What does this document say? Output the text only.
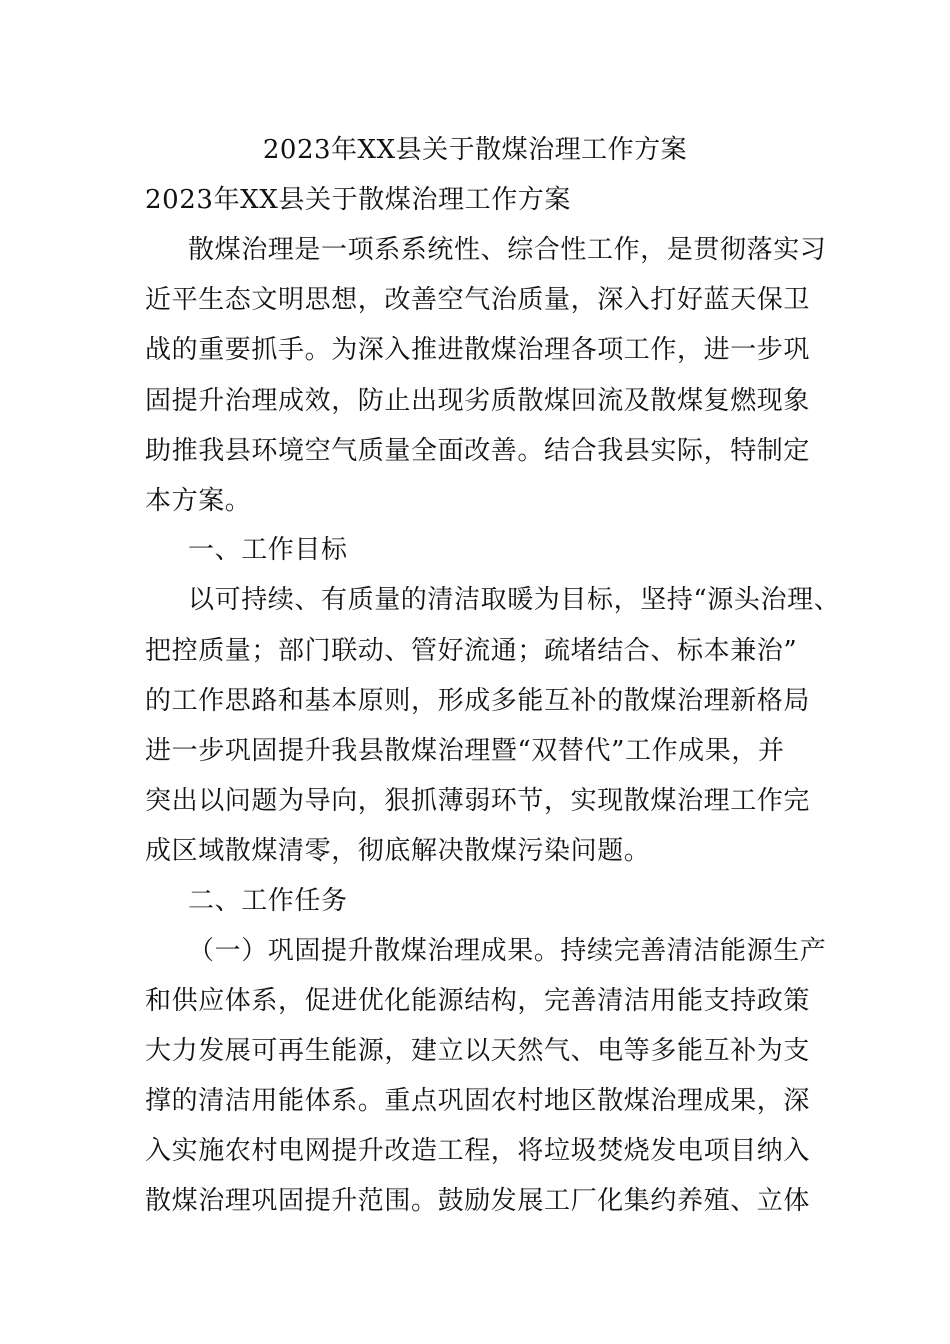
2023年XX县关于散煤治理工作方案
2023年XX县关于散煤治理工作方案
散煤治理是一项系系统性、综合性工作，是贯彻落实习
近平生态文明思想，改善空气治质量，深入打好蓝天保卫
战的重要抓手。为深入推进散煤治理各项工作，进一步巩
固提升治理成效，防止出现劣质散煤回流及散煤复燃现象
助推我县环境空气质量全面改善。结合我县实际，特制定
本方案。
一、工作目标
以可持续、有质量的清洁取暖为目标，坚持“源头治理、
把控质量；部门联动、管好流通；疏堵结合、标本兼治”
的工作思路和基本原则，形成多能互补的散煤治理新格局
进一步巩固提升我县散煤治理暨“双替代”工作成果，并
突出以问题为导向，狠抓薄弱环节，实现散煤治理工作完
成区域散煤清零，彻底解决散煤污染问题。
二、工作任务
（一）巩固提升散煤治理成果。持续完善清洁能源生产
和供应体系，促进优化能源结构，完善清洁用能支持政策
大力发展可再生能源，建立以天然气、电等多能互补为支
撑的清洁用能体系。重点巩固农村地区散煤治理成果，深
入实施农村电网提升改造工程，将垃圾焚烧发电项目纳入
散煤治理巩固提升范围。鼓励发展工厂化集约养殖、立体
